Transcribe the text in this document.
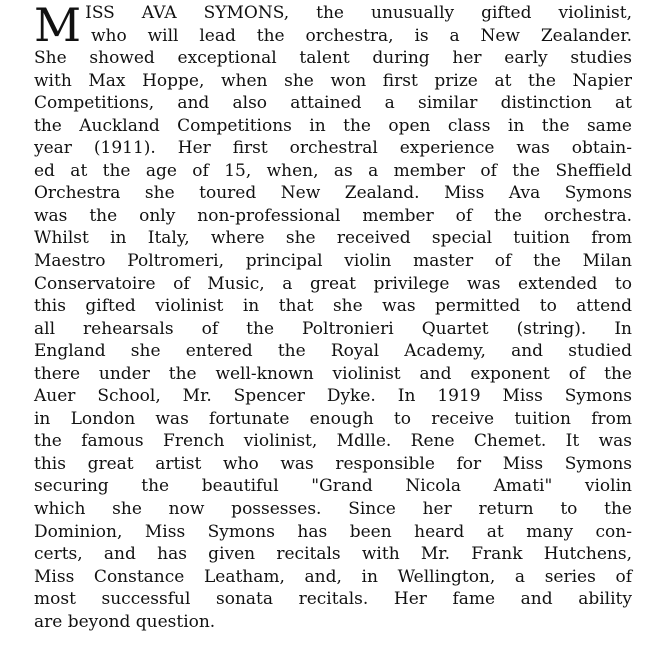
M ISS AVA SYMONS, the unusually gifted violinist,
who will lead the orchestra, is a New Zealander.
She showed exceptional talent during her early studies
with Max Hoppe, when she won first prize at the Napier
Competitions, and also attained a similar distinction at
the Auckland Competitions in the open class in the same
year (1911). Her first orchestral experience was obtain-
ed at the age of 15, when, as a member of the Sheffield
Orchestra she toured New Zealand. Miss Ava Symons
was the only non-professional member of the orchestra.
Whilst in Italy, where she received special tuition from
Maestro Poltromeri, principal violin master of the Milan
Conservatoire of Music, a great privilege was extended to
this gifted violinist in that she was permitted to attend
all rehearsals of the Poltronieri Quartet (string). In
England she entered the Royal Academy, and studied
there under the well-known violinist and exponent of the
Auer School, Mr. Spencer Dyke. In 1919 Miss Symons
in London was fortunate enough to receive tuition from
the famous French violinist, Mdlle. Rene Chemet. It was
this great artist who was responsible for Miss Symons
securing the beautiful "Grand Nicola Amati" violin
which she now possesses. Since her return to the
Dominion, Miss Symons has been heard at many con-
certs, and has given recitals with Mr. Frank Hutchens,
Miss Constance Leatham, and, in Wellington, a series of
most successful sonata recitals. Her fame and ability
are beyond question.
